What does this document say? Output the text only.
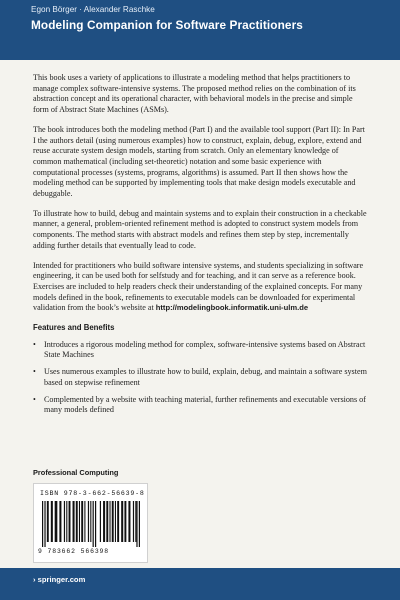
Egon Börger · Alexander Raschke
Modeling Companion for Software Practitioners

This book uses a variety of applications to illustrate a modeling method that helps practitioners to manage complex software-intensive systems. The proposed method relies on the combination of its abstraction concept and its operational character, with behavioral models in the precise and simple form of Abstract State Machines (ASMs).

The book introduces both the modeling method (Part I) and the available tool support (Part II): In Part I the authors detail (using numerous examples) how to construct, explain, debug, explore, extend and reuse accurate system design models, starting from scratch. Only an elementary knowledge of common mathematical (including set-theoretic) notation and some basic experience with computational processes (systems, programs, algorithms) is assumed. Part II then shows how the modeling method can be supported by implementing tools that make design models executable and debuggable.

To illustrate how to build, debug and maintain systems and to explain their construction in a checkable manner, a general, problem-oriented refinement method is adopted to construct system models from components. The method starts with abstract models and refines them step by step, incrementally adding further details that eventually lead to code.

Intended for practitioners who build software intensive systems, and students specializing in software engineering, it can be used both for selfstudy and for teaching, and it can serve as a reference book. Exercises are included to help readers check their understanding of the explained concepts. For many models defined in the book, refinements to executable models can be downloaded for experimental validation from the book’s website at http://modelingbook.informatik.uni-ulm.de

Features and Benefits
• Introduces a rigorous modeling method for complex, software-intensive systems based on Abstract State Machines
• Uses numerous examples to illustrate how to build, explain, debug, and maintain a software system based on stepwise refinement
• Complemented by a website with teaching material, further refinements and executable versions of many models defined
Professional Computing
ISBN 978-3-662-56639-8
9 783662 566398
› springer.com
